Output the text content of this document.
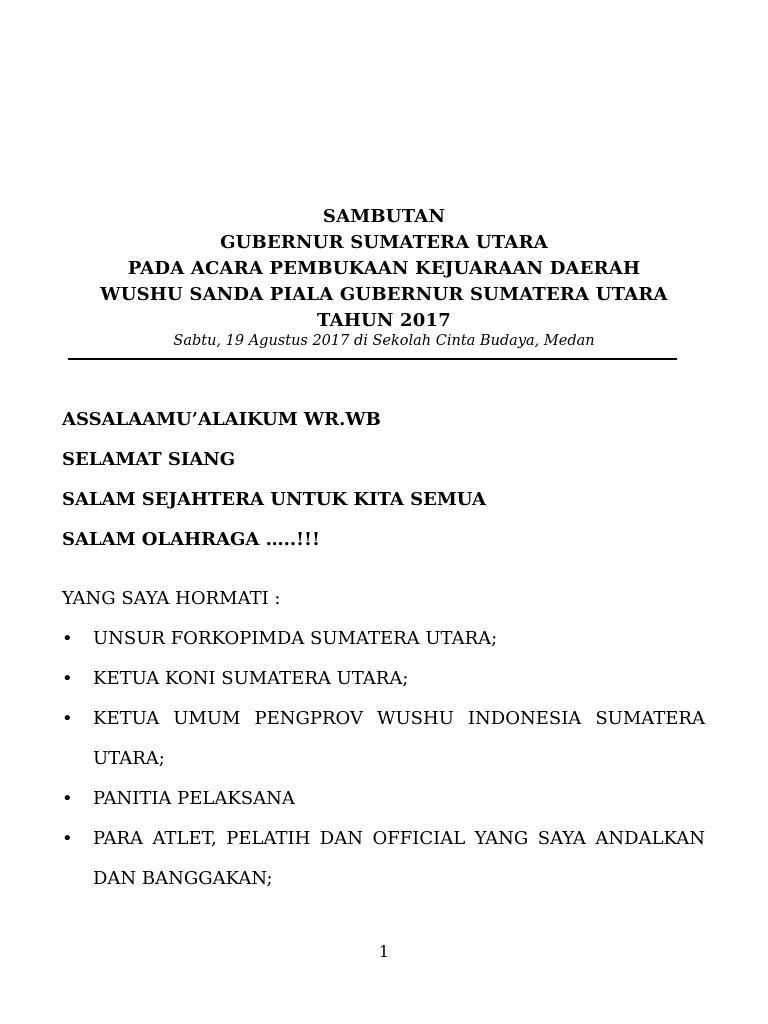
SAMBUTAN
GUBERNUR SUMATERA UTARA
PADA ACARA PEMBUKAAN KEJUARAAN DAERAH
WUSHU SANDA PIALA GUBERNUR SUMATERA UTARA
TAHUN 2017
Sabtu, 19 Agustus 2017 di Sekolah Cinta Budaya, Medan
ASSALAAMU’ALAIKUM WR.WB
SELAMAT SIANG
SALAM SEJAHTERA UNTUK KITA SEMUA
SALAM OLAHRAGA …..!!!
YANG SAYA HORMATI :
•	UNSUR FORKOPIMDA SUMATERA UTARA;
•	KETUA KONI SUMATERA UTARA;
•	KETUA UMUM PENGPROV WUSHU INDONESIA SUMATERA UTARA;
•	PANITIA PELAKSANA
•	PARA ATLET, PELATIH DAN OFFICIAL YANG SAYA ANDALKAN DAN BANGGAKAN;
1
